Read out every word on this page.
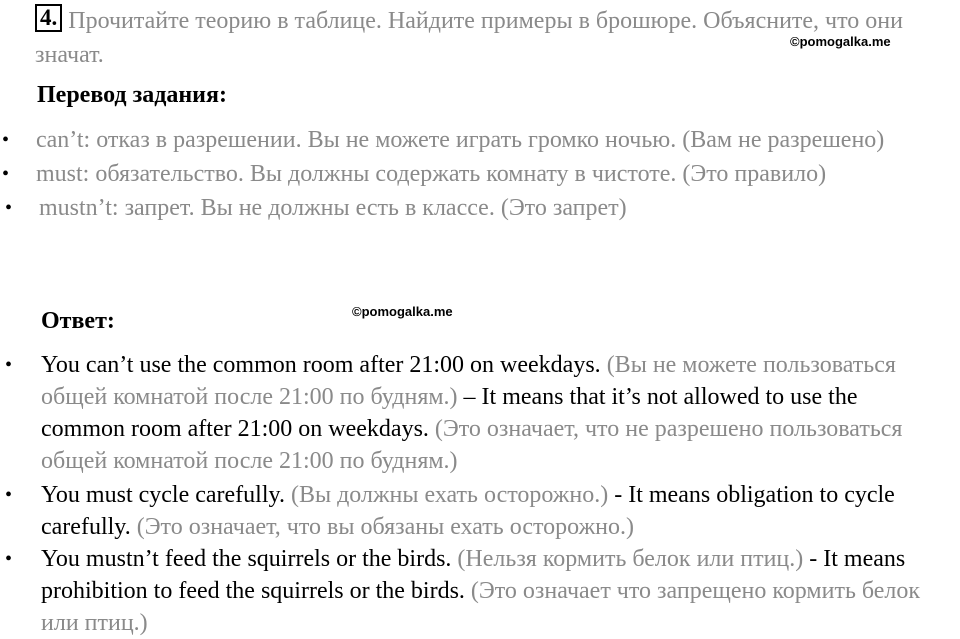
4. Прочитайте теорию в таблице. Найдите примеры в брошюре. Объясните, что они значат.
©pomogalka.me
Перевод задания:
• can’t: отказ в разрешении. Вы не можете играть громко ночью. (Вам не разрешено)
• must: обязательство. Вы должны содержать комнату в чистоте. (Это правило)
• mustn’t: запрет. Вы не должны есть в классе. (Это запрет)
Ответ:	©pomogalka.me
• You can’t use the common room after 21:00 on weekdays. (Вы не можете пользоваться общей комнатой после 21:00 по будням.) – It means that it’s not allowed to use the common room after 21:00 on weekdays. (Это означает, что не разрешено пользоваться общей комнатой после 21:00 по будням.)
• You must cycle carefully. (Вы должны ехать осторожно.) - It means obligation to cycle carefully. (Это означает, что вы обязаны ехать осторожно.)
• You mustn’t feed the squirrels or the birds. (Нельзя кормить белок или птиц.) - It means prohibition to feed the squirrels or the birds. (Это означает что запрещено кормить белок или птиц.)
